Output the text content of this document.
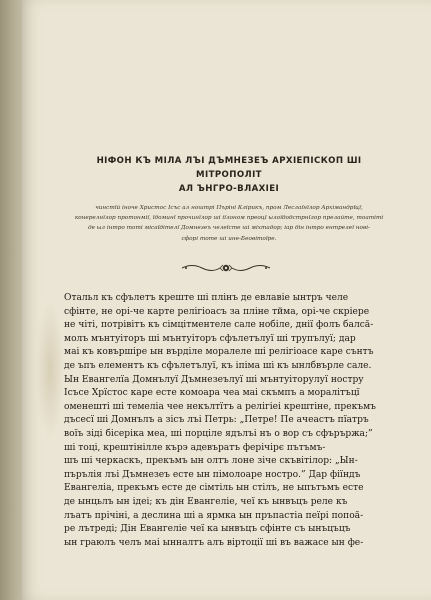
НІФОН КЪ МІЛА ЛЪІ ДЪМНЕЗЕЪ АРХІЕПІСКОП ШІ МІТРОПОЛІТ
АЛ ЪНГРО-ВЛАХІЕІ

чинстїй іноче Христос Ісъс ал ноштрі Пъріні Клірикъ, пром Леслаїнїлор Архімандрїцї,
конерелнїлор протонмії, їдоминї прочинїлор ші іїлоном преоцї ылоїдодстрнїлор прелайте, тоатіті
де ыл інтро тоті місаїдітелї Домнезеъ челеїсте ші міхтадор; іар дін інтро ентрелеї нові-
сфорі тоте ші ине-Беовітоїре.

Отальл къ сфълетъ креште ші плінъ де евлавіе ынтръ челе

сфінте, не орі-че карте релігіоасъ за пліне тйма, орі-че скріере

не чіті, потрівітъ къ сімцітментеле сале нобіле, днії фолъ балсă-

молъ мънтуіторъ ші мънтуіторъ сфълетълуї ші трупълуї; дар

маі къ ковършіре ын върділе моралеле ші релігіоасе каре сънтъ

де ъпъ елементъ къ сфълетълуї, къ іпіма ші къ ынлбвърле сале.

Ын Евангелїа Домнълуї Дъмнезеълуї ші мънтуіторулуї ностру

Ісъсе Хрїстос каре есте комоара чеа маі скъмпъ а моралітъцї

оменешті ші темеліа чее некълтїтъ а релігіеі крештіне, прекъмъ

дъсесї ші Домнълъ а зісъ лъі Петрь: „Петре! Пе ачеастъ пїатръ

воїъ зіді бісеріка меа, ші порціле ядълъі нъ о вор съ сфърържа;”

ші тоці, крештінілле кърэ адевъратъ ферічірє пътъмъ-

шъ ші черкаскъ, прекъмъ ын олтъ лоне зіче скъвітілор: „Ын-

пърълія лъі Дъмнезеъ есте ын пімолоаре ностро.” Дар фіїндъ

Евангеліа, прекъмъ есте де сімтіль ын стілъ, не ыпътъмъ есте

де ынцьлъ ын ідеі; къ дін Евангеліе, чеї къ ынвъцъ реле къ

лъатъ прічіні, а деслина ші а ярмка ын пръпастіа пеїрі попоă-

ре лътреді; Дін Евангеліе чеї ка ынвъцъ сфінте съ ынъцъцъ

ын граюлъ челъ маі ынналтъ алъ віртоції ші въ важасе ын фе-
